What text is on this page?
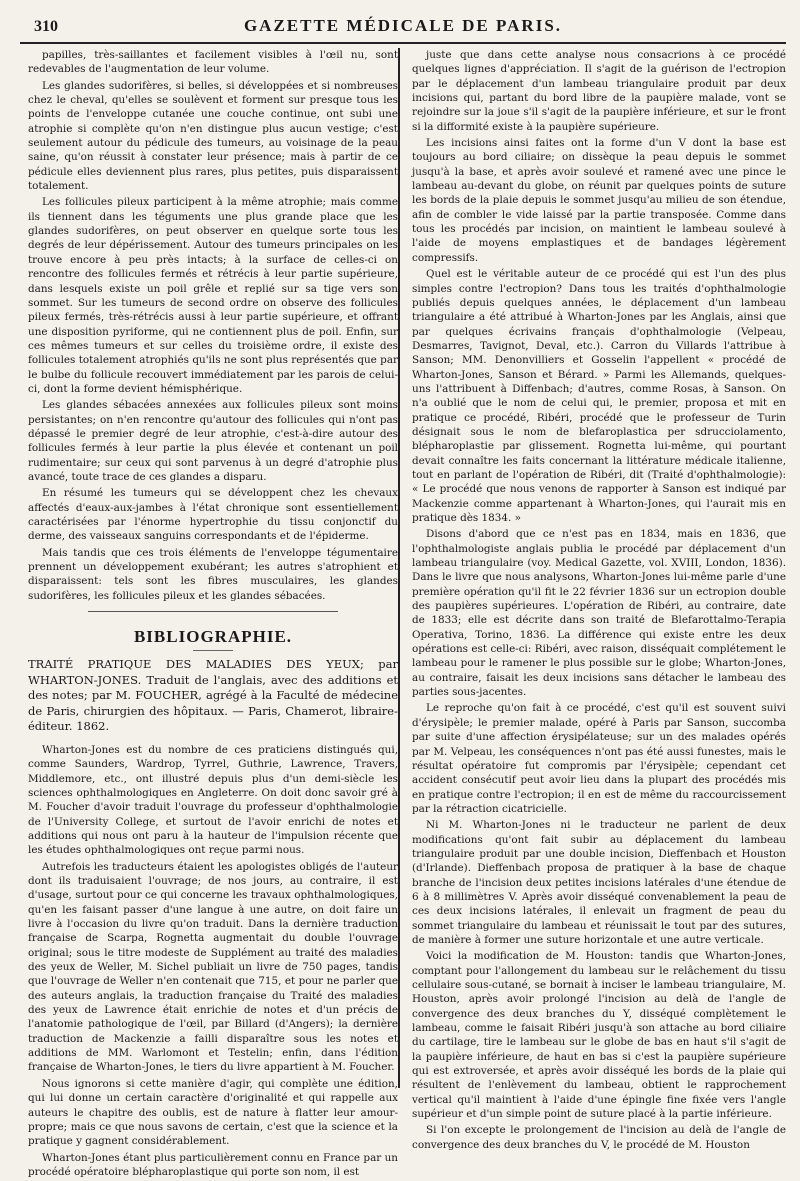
310	GAZETTE MÉDICALE DE PARIS.

papilles, très-saillantes et facilement visibles à l'œil nu, sont redevables de l'augmentation de leur volume.

Les glandes sudorifères, si belles, si développées et si nombreuses chez le cheval, qu'elles se soulèvent et forment sur presque tous les points de l'enveloppe cutanée une couche continue, ont subi une atrophie si complète qu'on n'en distingue plus aucun vestige; c'est seulement autour du pédicule des tumeurs, au voisinage de la peau saine, qu'on réussit à constater leur présence; mais à partir de ce pédicule elles deviennent plus rares, plus petites, puis disparaissent totalement.

Les follicules pileux participent à la même atrophie; mais comme ils tiennent dans les téguments une plus grande place que les glandes sudorifères, on peut observer en quelque sorte tous les degrés de leur dépérissement. Autour des tumeurs principales on les trouve encore à peu près intacts; à la surface de celles-ci on rencontre des follicules fermés et rétrécis à leur partie supérieure, dans lesquels existe un poil grêle et replié sur sa tige vers son sommet. Sur les tumeurs de second ordre on observe des follicules pileux fermés, très-rétrécis aussi à leur partie supérieure, et offrant une disposition pyriforme, qui ne contiennent plus de poil. Enfin, sur ces mêmes tumeurs et sur celles du troisième ordre, il existe des follicules totalement atrophiés qu'ils ne sont plus représentés que par le bulbe du follicule recouvert immédiatement par les parois de celui-ci, dont la forme devient hémisphérique.

Les glandes sébacées annexées aux follicules pileux sont moins persistantes; on n'en rencontre qu'autour des follicules qui n'ont pas dépassé le premier degré de leur atrophie, c'est-à-dire autour des follicules fermés à leur partie la plus élevée et contenant un poil rudimentaire; sur ceux qui sont parvenus à un degré d'atrophie plus avancé, toute trace de ces glandes a disparu.

En résumé les tumeurs qui se développent chez les chevaux affectés d'eaux-aux-jambes à l'état chronique sont essentiellement caractérisées par l'énorme hypertrophie du tissu conjonctif du derme, des vaisseaux sanguins correspondants et de l'épiderme.

Mais tandis que ces trois éléments de l'enveloppe tégumentaire prennent un développement exubérant; les autres s'atrophient et disparaissent: tels sont les fibres musculaires, les glandes sudorifères, les follicules pileux et les glandes sébacées.

BIBLIOGRAPHIE.

TRAITÉ PRATIQUE DES MALADIES DES YEUX; par WHARTON-JONES. Traduit de l'anglais, avec des additions et des notes; par M. FOUCHER, agrégé à la Faculté de médecine de Paris, chirurgien des hôpitaux. — Paris, Chamerot, libraire-éditeur. 1862.

Wharton-Jones est du nombre de ces praticiens distingués qui, comme Saunders, Wardrop, Tyrrel, Guthrie, Lawrence, Travers, Middlemore, etc., ont illustré depuis plus d'un demi-siècle les sciences ophthalmologiques en Angleterre. On doit donc savoir gré à M. Foucher d'avoir traduit l'ouvrage du professeur d'ophthalmologie de l'University College, et surtout de l'avoir enrichi de notes et additions qui nous ont paru à la hauteur de l'impulsion récente que les études ophthalmologiques ont reçue parmi nous.

Autrefois les traducteurs étaient les apologistes obligés de l'auteur dont ils traduisaient l'ouvrage; de nos jours, au contraire, il est d'usage, surtout pour ce qui concerne les travaux ophthalmologiques, qu'en les faisant passer d'une langue à une autre, on doit faire un livre à l'occasion du livre qu'on traduit. Dans la dernière traduction française de Scarpa, Rognetta augmentait du double l'ouvrage original; sous le titre modeste de Supplément au traité des maladies des yeux de Weller, M. Sichel publiait un livre de 750 pages, tandis que l'ouvrage de Weller n'en contenait que 715, et pour ne parler que des auteurs anglais, la traduction française du Traité des maladies des yeux de Lawrence était enrichie de notes et d'un précis de l'anatomie pathologique de l'œil, par Billard (d'Angers); la dernière traduction de Mackenzie a failli disparaître sous les notes et additions de MM. Warlomont et Testelin; enfin, dans l'édition française de Wharton-Jones, le tiers du livre appartient à M. Foucher.

Nous ignorons si cette manière d'agir, qui complète une édition, qui lui donne un certain caractère d'originalité et qui rappelle aux auteurs le chapitre des oublis, est de nature à flatter leur amour-propre; mais ce que nous savons de certain, c'est que la science et la pratique y gagnent considérablement.

Wharton-Jones étant plus particulièrement connu en France par un procédé opératoire blépharoplastique qui porte son nom, il est

juste que dans cette analyse nous consacrions à ce procédé quelques lignes d'appréciation. Il s'agit de la guérison de l'ectropion par le déplacement d'un lambeau triangulaire produit par deux incisions qui, partant du bord libre de la paupière malade, vont se rejoindre sur la joue s'il s'agit de la paupière inférieure, et sur le front si la difformité existe à la paupière supérieure.

Les incisions ainsi faites ont la forme d'un V dont la base est toujours au bord ciliaire; on dissèque la peau depuis le sommet jusqu'à la base, et après avoir soulevé et ramené avec une pince le lambeau au-devant du globe, on réunit par quelques points de suture les bords de la plaie depuis le sommet jusqu'au milieu de son étendue, afin de combler le vide laissé par la partie transposée. Comme dans tous les procédés par incision, on maintient le lambeau soulevé à l'aide de moyens emplastiques et de bandages légèrement compressifs.

Quel est le véritable auteur de ce procédé qui est l'un des plus simples contre l'ectropion? Dans tous les traités d'ophthalmologie publiés depuis quelques années, le déplacement d'un lambeau triangulaire a été attribué à Wharton-Jones par les Anglais, ainsi que par quelques écrivains français d'ophthalmologie (Velpeau, Desmarres, Tavignot, Deval, etc.). Carron du Villards l'attribue à Sanson; MM. Denonvilliers et Gosselin l'appellent « procédé de Wharton-Jones, Sanson et Bérard. » Parmi les Allemands, quelques-uns l'attribuent à Diffenbach; d'autres, comme Rosas, à Sanson. On n'a oublié que le nom de celui qui, le premier, proposa et mit en pratique ce procédé, Ribéri, procédé que le professeur de Turin désignait sous le nom de blefaroplastica per sdrucciolamento, blépharoplastie par glissement. Rognetta lui-même, qui pourtant devait connaître les faits concernant la littérature médicale italienne, tout en parlant de l'opération de Ribéri, dit (Traité d'ophthalmologie): « Le procédé que nous venons de rapporter à Sanson est indiqué par Mackenzie comme appartenant à Wharton-Jones, qui l'aurait mis en pratique dès 1834. »

Disons d'abord que ce n'est pas en 1834, mais en 1836, que l'ophthalmologiste anglais publia le procédé par déplacement d'un lambeau triangulaire (voy. Medical Gazette, vol. XVIII, London, 1836). Dans le livre que nous analysons, Wharton-Jones lui-même parle d'une première opération qu'il fit le 22 février 1836 sur un ectropion double des paupières supérieures. L'opération de Ribéri, au contraire, date de 1833; elle est décrite dans son traité de Blefarottalmo-Terapia Operativa, Torino, 1836. La différence qui existe entre les deux opérations est celle-ci: Ribéri, avec raison, disséquait complétement le lambeau pour le ramener le plus possible sur le globe; Wharton-Jones, au contraire, faisait les deux incisions sans détacher le lambeau des parties sous-jacentes.

Le reproche qu'on fait à ce procédé, c'est qu'il est souvent suivi d'érysipèle; le premier malade, opéré à Paris par Sanson, succomba par suite d'une affection érysipélateuse; sur un des malades opérés par M. Velpeau, les conséquences n'ont pas été aussi funestes, mais le résultat opératoire fut compromis par l'érysipèle; cependant cet accident consécutif peut avoir lieu dans la plupart des procédés mis en pratique contre l'ectropion; il en est de même du raccourcissement par la rétraction cicatricielle.

Ni M. Wharton-Jones ni le traducteur ne parlent de deux modifications qu'ont fait subir au déplacement du lambeau triangulaire produit par une double incision, Dieffenbach et Houston (d'Irlande). Dieffenbach proposa de pratiquer à la base de chaque branche de l'incision deux petites incisions latérales d'une étendue de 6 à 8 millimètres V. Après avoir disséqué convenablement la peau de ces deux incisions latérales, il enlevait un fragment de peau du sommet triangulaire du lambeau et réunissait le tout par des sutures, de manière à former une suture horizontale et une autre verticale.

Voici la modification de M. Houston: tandis que Wharton-Jones, comptant pour l'allongement du lambeau sur le relâchement du tissu cellulaire sous-cutané, se bornait à inciser le lambeau triangulaire, M. Houston, après avoir prolongé l'incision au delà de l'angle de convergence des deux branches du Y, disséqué complètement le lambeau, comme le faisait Ribéri jusqu'à son attache au bord ciliaire du cartilage, tire le lambeau sur le globe de bas en haut s'il s'agit de la paupière inférieure, de haut en bas si c'est la paupière supérieure qui est extroversée, et après avoir disséqué les bords de la plaie qui résultent de l'enlèvement du lambeau, obtient le rapprochement vertical qu'il maintient à l'aide d'une épingle fine fixée vers l'angle supérieur et d'un simple point de suture placé à la partie inférieure.

Si l'on excepte le prolongement de l'incision au delà de l'angle de convergence des deux branches du V, le procédé de M. Houston
